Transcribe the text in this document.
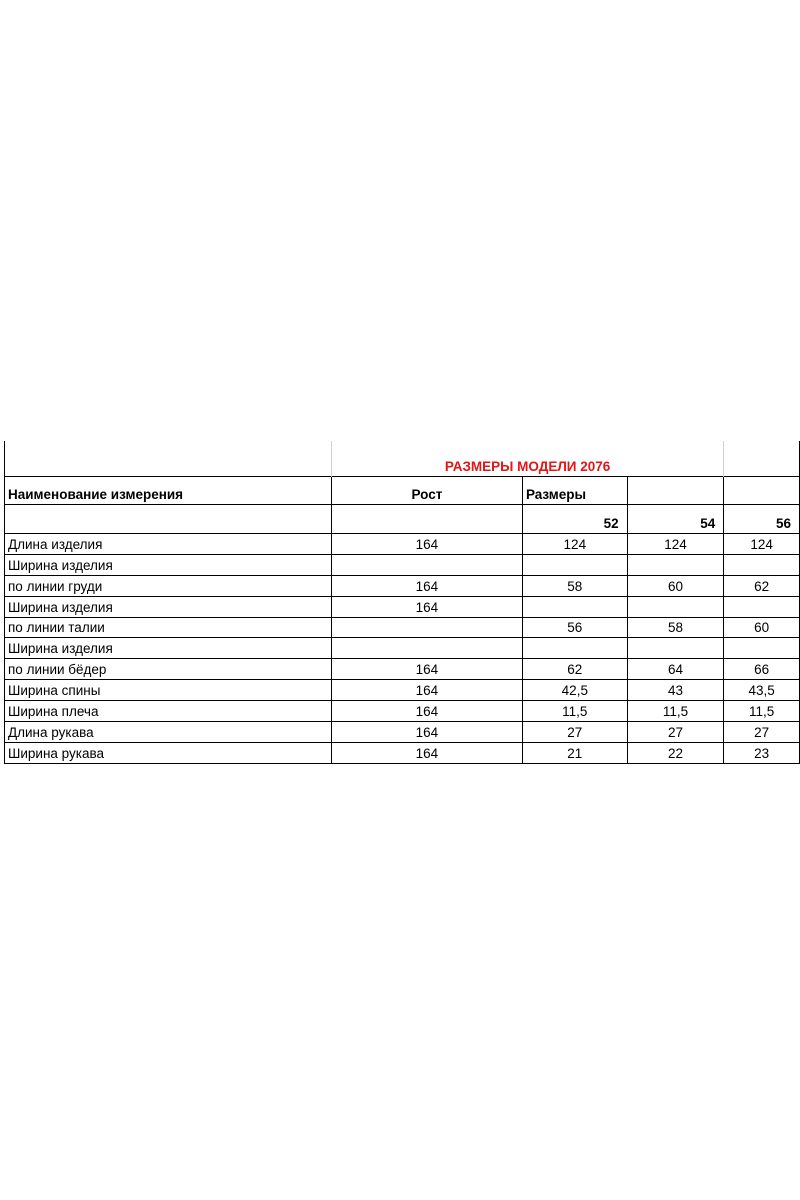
	РАЗМЕРЫ МОДЕЛИ 2076			
Наименование измерения	Рост	Размеры		
		52	54	56
Длина изделия	164	124	124	124
Ширина изделия				
по линии груди	164	58	60	62
Ширина изделия	164			
по линии талии		56	58	60
Ширина изделия				
по линии бёдер	164	62	64	66
Ширина спины	164	42,5	43	43,5
Ширина плеча	164	11,5	11,5	11,5
Длина рукава	164	27	27	27
Ширина рукава	164	21	22	23
